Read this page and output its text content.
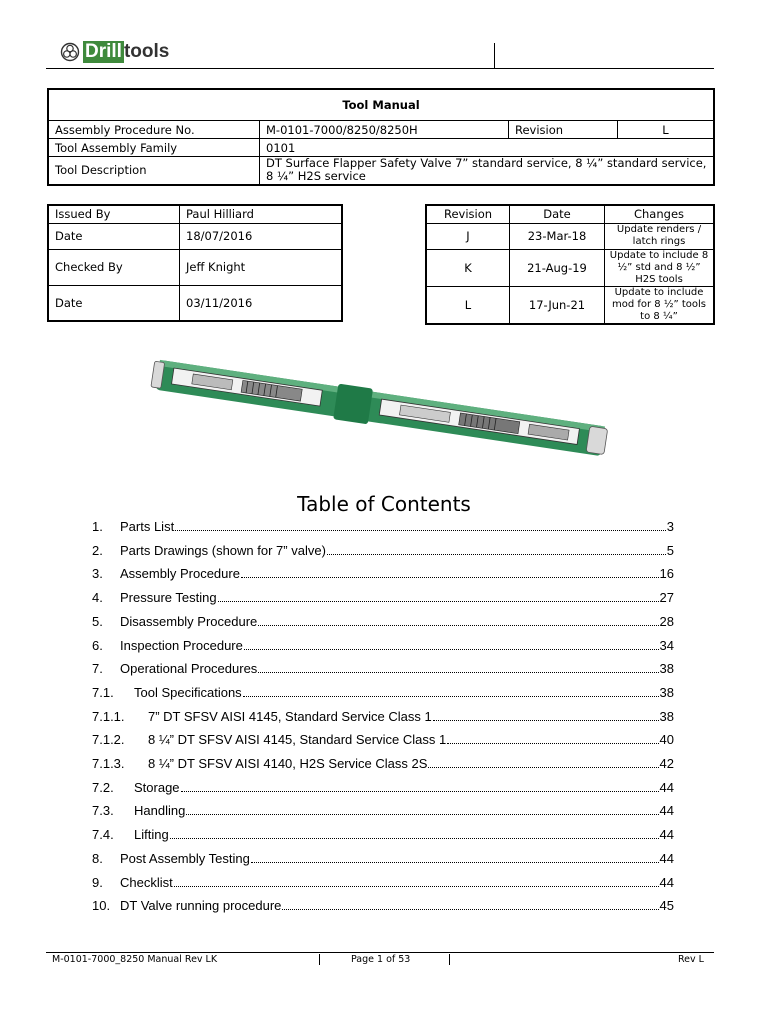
Drill tools
Tool Manual			
Assembly Procedure No.	M-0101-7000/8250/8250H	Revision	L
Tool Assembly Family	0101		
Tool Description	DT Surface Flapper Safety Valve 7” standard service, 8 ¼” standard service, 8 ¼” H2S service		
Issued By	Paul Hilliard
Date	18/07/2016
Checked By	Jeff Knight
Date	03/11/2016
Revision	Date	Changes
J	23-Mar-18	Update renders / latch rings
K	21-Aug-19	Update to include 8 ½” std and 8 ½” H2S tools
L	17-Jun-21	Update to include mod for 8 ½” tools to 8 ¼”
Table of Contents
1.	Parts List	3
2.	Parts Drawings (shown for 7” valve)	5
3.	Assembly Procedure	16
4.	Pressure Testing	27
5.	Disassembly Procedure	28
6.	Inspection Procedure	34
7.	Operational Procedures	38
7.1.	Tool Specifications	38
7.1.1.	7” DT SFSV AISI 4145, Standard Service Class 1	38
7.1.2.	8 ¼” DT SFSV AISI 4145, Standard Service Class 1	40
7.1.3.	8 ¼” DT SFSV AISI 4140, H2S Service Class 2S	42
7.2.	Storage	44
7.3.	Handling	44
7.4.	Lifting	44
8.	Post Assembly Testing	44
9.	Checklist	44
10. DT Valve running procedure	45
M-0101-7000_8250 Manual Rev LK	Page 1 of 53	Rev L
